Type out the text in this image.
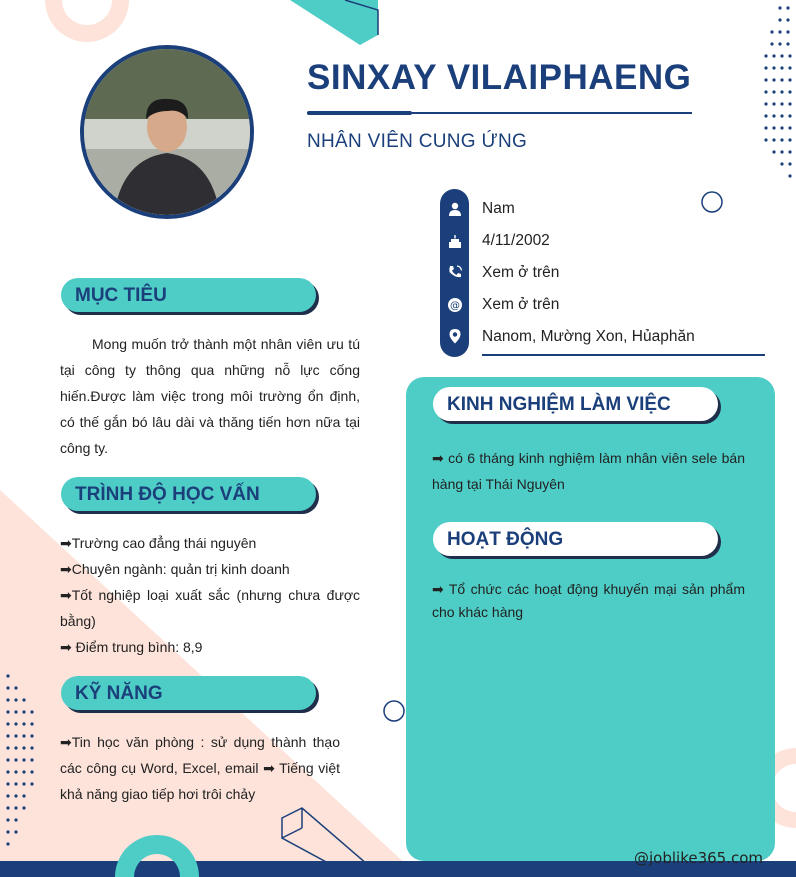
SINXAY VILAIPHAENG
NHÂN VIÊN CUNG ỨNG
@
Nam
4/11/2002
Xem ở trên
Xem ở trên
Nanom, Mường Xon, Hủaphăn
MỤC TIÊU
Mong muốn trở thành một nhân viên ưu tú tại công ty thông qua những nỗ lực cống hiến.Được làm việc trong môi trường ổn định, có thế gắn bó lâu dài và thăng tiến hơn nữa tại công ty.
TRÌNH ĐỘ HỌC VẤN
➡Trường cao đẳng thái nguyên
➡Chuyên ngành: quản trị kinh doanh
➡Tốt nghiệp loại xuất sắc (nhưng chưa được bằng)
➡ Điểm trung bình: 8,9
KỸ NĂNG
➡Tin học văn phòng : sử dụng thành thạo các công cụ Word, Excel, email ➡ Tiếng việt khả năng giao tiếp hơi trôi chảy
KINH NGHIỆM LÀM VIỆC
➡ có 6 tháng kinh nghiệm làm nhân viên sele bán hàng tại Thái Nguyên
HOẠT ĐỘNG
➡ Tổ chức các hoạt động khuyến mại sản phẩm cho khác hàng
@joblike365.com
